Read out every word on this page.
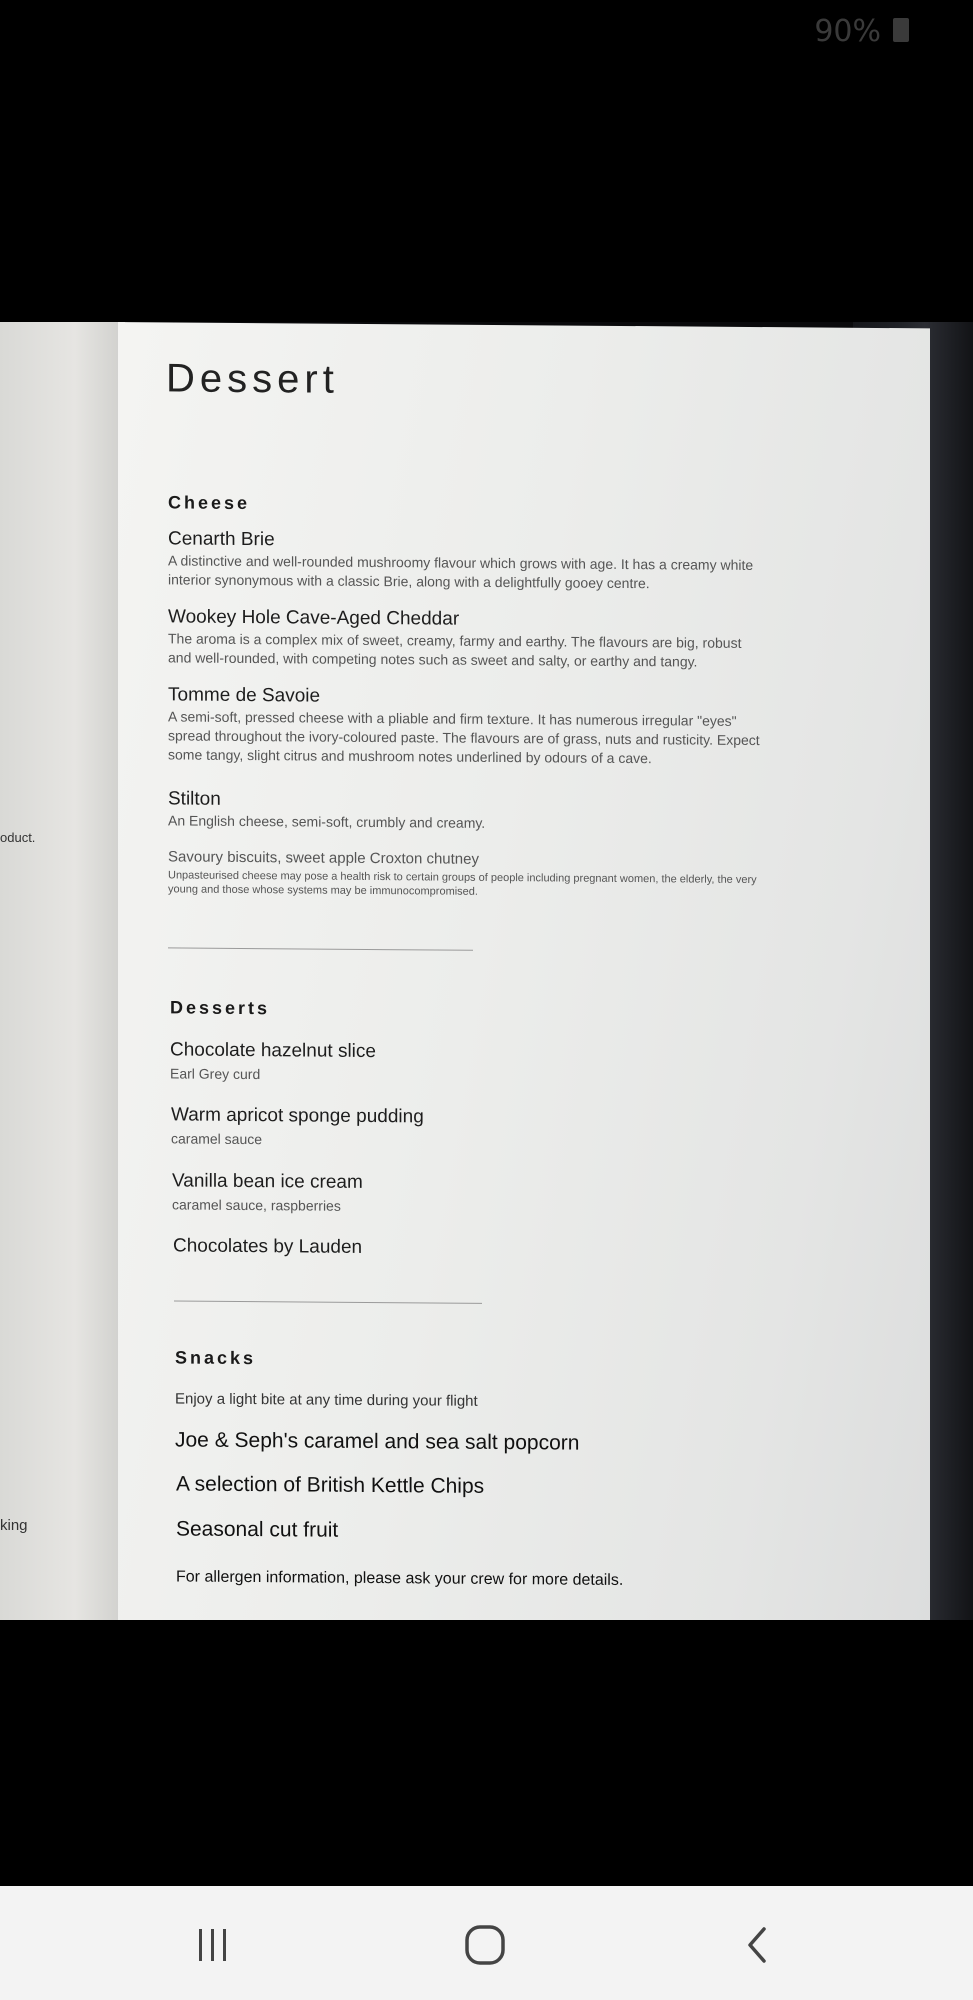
90%
oduct.
king
Dessert
Cheese
Cenarth Brie
A distinctive and well-rounded mushroomy flavour which grows with age. It has a creamy white
interior synonymous with a classic Brie, along with a delightfully gooey centre.
Wookey Hole Cave-Aged Cheddar
The aroma is a complex mix of sweet, creamy, farmy and earthy. The flavours are big, robust
and well-rounded, with competing notes such as sweet and salty, or earthy and tangy.
Tomme de Savoie
A semi-soft, pressed cheese with a pliable and firm texture. It has numerous irregular "eyes"
spread throughout the ivory-coloured paste. The flavours are of grass, nuts and rusticity. Expect
some tangy, slight citrus and mushroom notes underlined by odours of a cave.
Stilton
An English cheese, semi-soft, crumbly and creamy.
Savoury biscuits, sweet apple Croxton chutney
Unpasteurised cheese may pose a health risk to certain groups of people including pregnant women, the elderly, the very
young and those whose systems may be immunocompromised.
Desserts
Chocolate hazelnut slice
Earl Grey curd
Warm apricot sponge pudding
caramel sauce
Vanilla bean ice cream
caramel sauce, raspberries
Chocolates by Lauden
Snacks
Enjoy a light bite at any time during your flight
Joe & Seph's caramel and sea salt popcorn
A selection of British Kettle Chips
Seasonal cut fruit
For allergen information, please ask your crew for more details.
